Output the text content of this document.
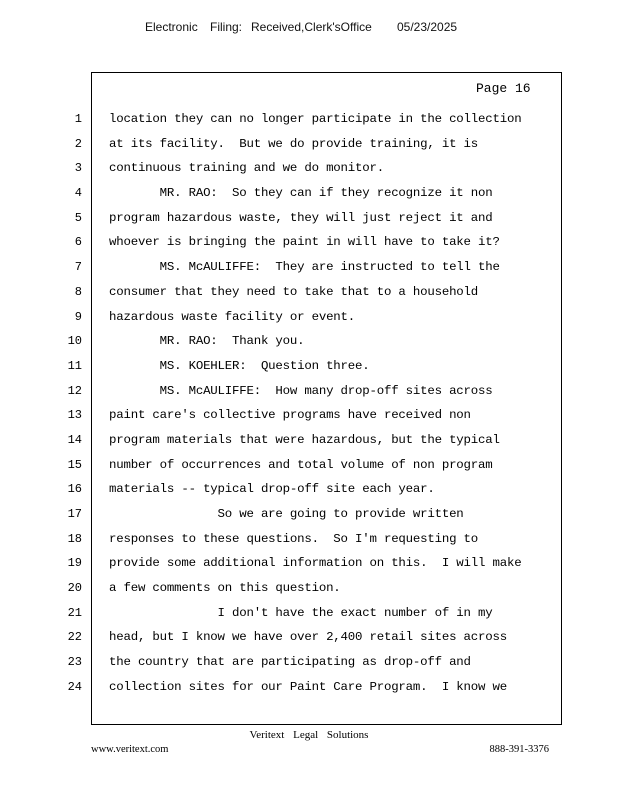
Electronic Filing: Received,Clerk'sOffice 05/23/2025
Page 16
1
2
3
4
5
6
7
8
9
10
11
12
13
14
15
16
17
18
19
20
21
22
23
24
location they can no longer participate in the collection
at its facility.  But we do provide training, it is
continuous training and we do monitor.
MR. RAO:  So they can if they recognize it non
program hazardous waste, they will just reject it and
whoever is bringing the paint in will have to take it?
MS. McAULIFFE:  They are instructed to tell the
consumer that they need to take that to a household
hazardous waste facility or event.
MR. RAO:  Thank you.
MS. KOEHLER:  Question three.
MS. McAULIFFE:  How many drop-off sites across
paint care's collective programs have received non
program materials that were hazardous, but the typical
number of occurrences and total volume of non program
materials -- typical drop-off site each year.
So we are going to provide written
responses to these questions.  So I'm requesting to
provide some additional information on this.  I will make
a few comments on this question.
I don't have the exact number of in my
head, but I know we have over 2,400 retail sites across
the country that are participating as drop-off and
collection sites for our Paint Care Program.  I know we
Veritext Legal Solutions
www.veritext.com	888-391-3376
